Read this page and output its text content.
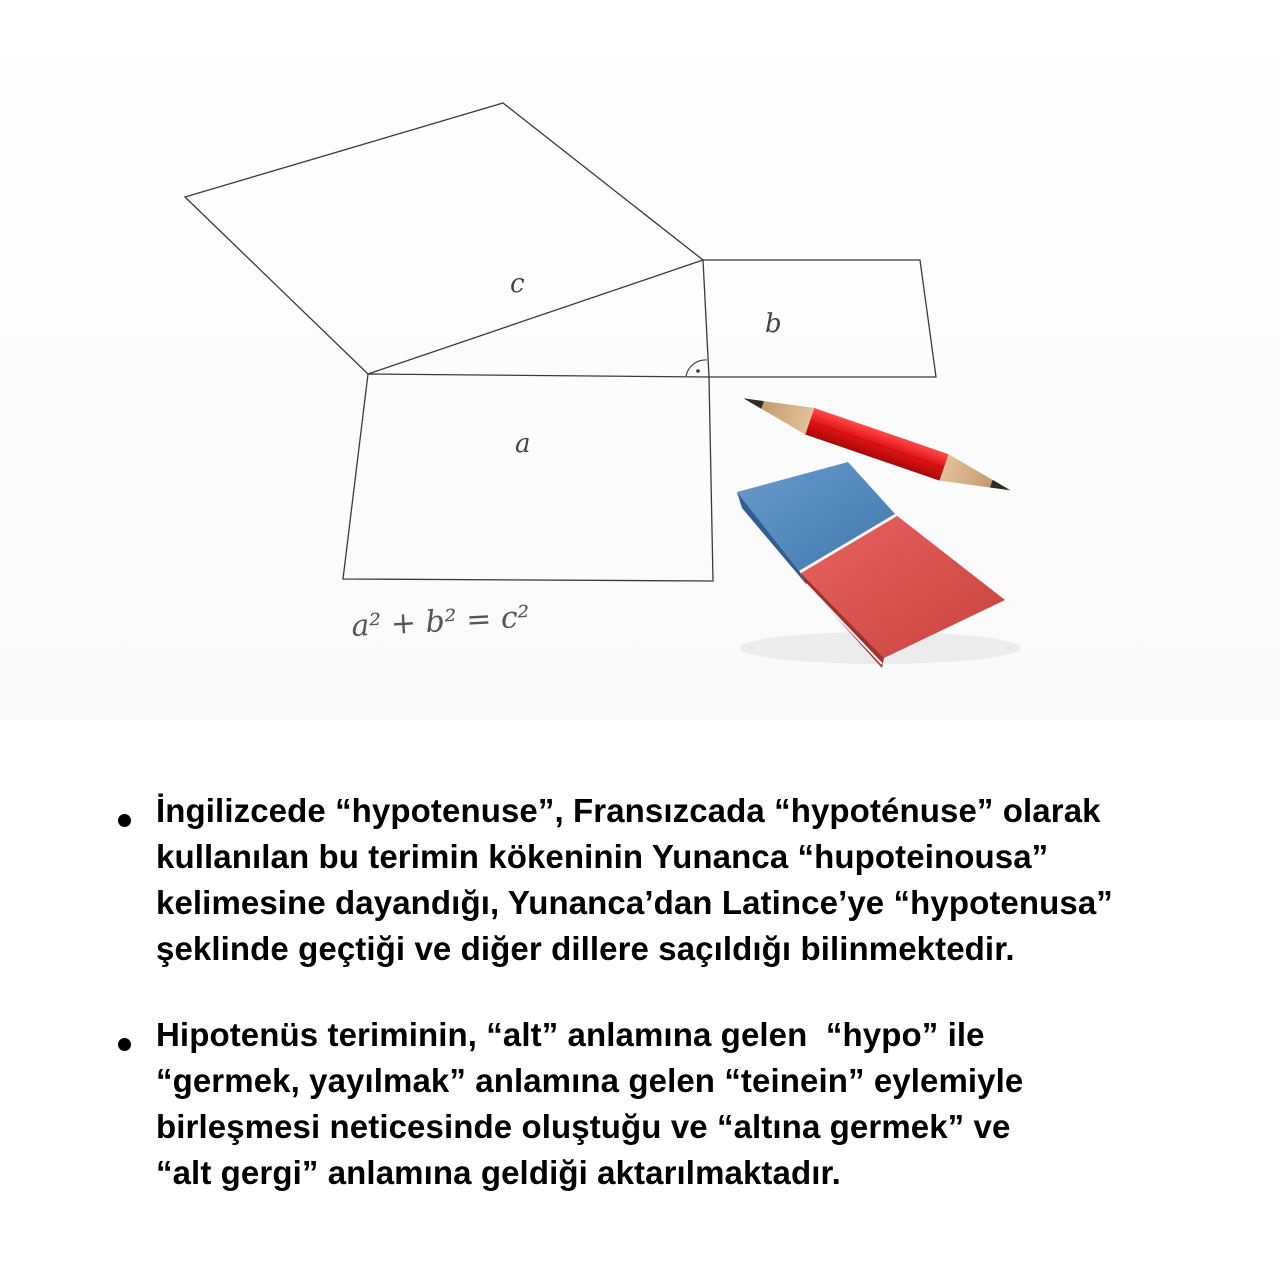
c
b
a
a² + b² = c²
İngilizcede “hypotenuse”, Fransızcada “hypoténuse” olarak
kullanılan bu terimin kökeninin Yunanca “hupoteinousa”
kelimesine dayandığı, Yunanca’dan Latince’ye “hypotenusa”
şeklinde geçtiği ve diğer dillere saçıldığı bilinmektedir.
Hipotenüs teriminin, “alt” anlamına gelen  “hypo” ile
“germek, yayılmak” anlamına gelen “teinein” eylemiyle
birleşmesi neticesinde oluştuğu ve “altına germek” ve
“alt gergi” anlamına geldiği aktarılmaktadır.
